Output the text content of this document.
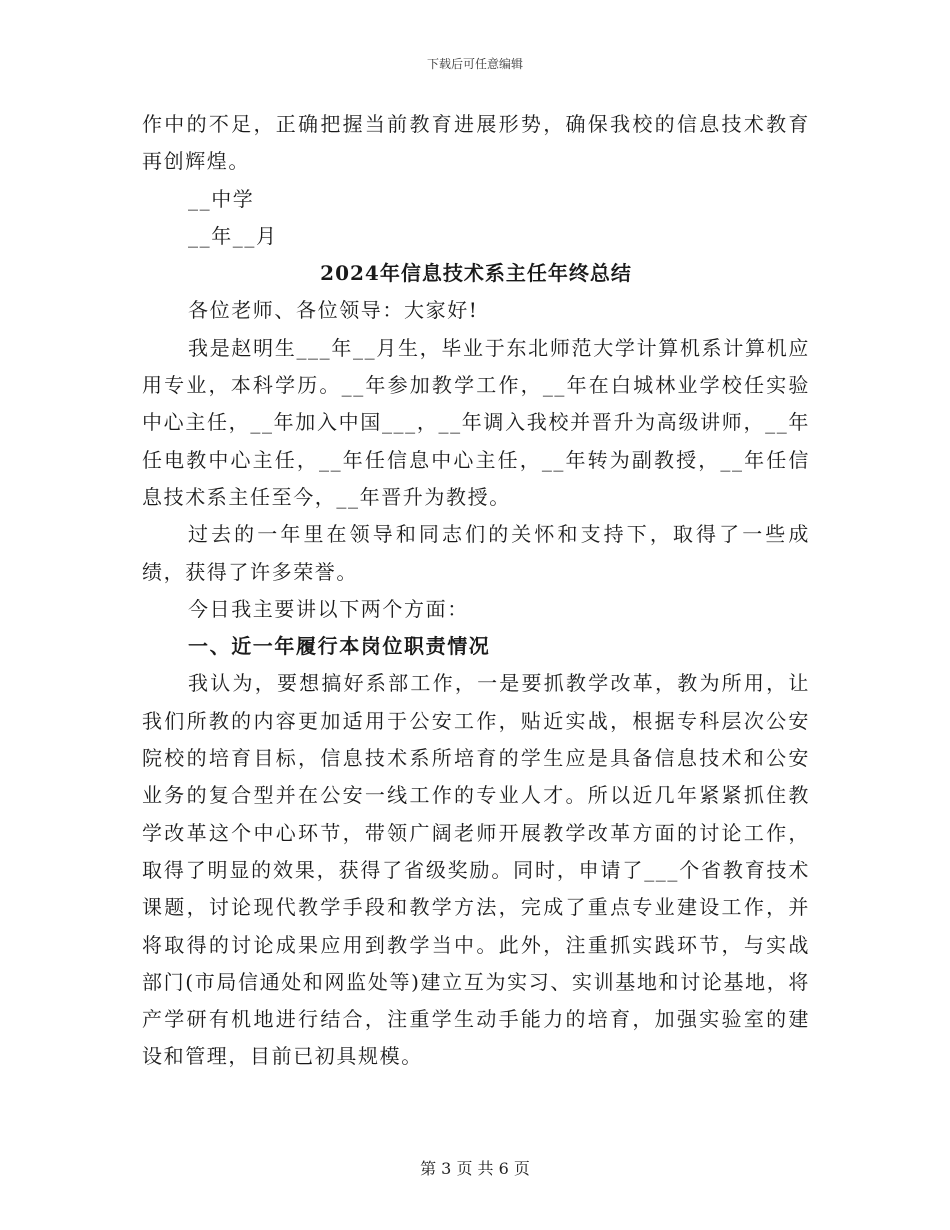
下载后可任意编辑

作中的不足，正确把握当前教育进展形势，确保我校的信息技术教育再创辉煌。

__中学

__年__月

2024年信息技术系主任年终总结

各位老师、各位领导：大家好!

我是赵明生___年__月生，毕业于东北师范大学计算机系计算机应用专业，本科学历。__年参加教学工作，__年在白城林业学校任实验中心主任，__年加入中国___，__年调入我校并晋升为高级讲师，__年任电教中心主任，__年任信息中心主任，__年转为副教授，__年任信息技术系主任至今，__年晋升为教授。

过去的一年里在领导和同志们的关怀和支持下，取得了一些成绩，获得了许多荣誉。

今日我主要讲以下两个方面：

一、近一年履行本岗位职责情况

我认为，要想搞好系部工作，一是要抓教学改革，教为所用，让我们所教的内容更加适用于公安工作，贴近实战，根据专科层次公安院校的培育目标，信息技术系所培育的学生应是具备信息技术和公安业务的复合型并在公安一线工作的专业人才。所以近几年紧紧抓住教学改革这个中心环节，带领广阔老师开展教学改革方面的讨论工作，取得了明显的效果，获得了省级奖励。同时，申请了___个省教育技术课题，讨论现代教学手段和教学方法，完成了重点专业建设工作，并将取得的讨论成果应用到教学当中。此外，注重抓实践环节，与实战部门(市局信通处和网监处等)建立互为实习、实训基地和讨论基地，将产学研有机地进行结合，注重学生动手能力的培育，加强实验室的建设和管理，目前已初具规模。

第 3 页 共 6 页
